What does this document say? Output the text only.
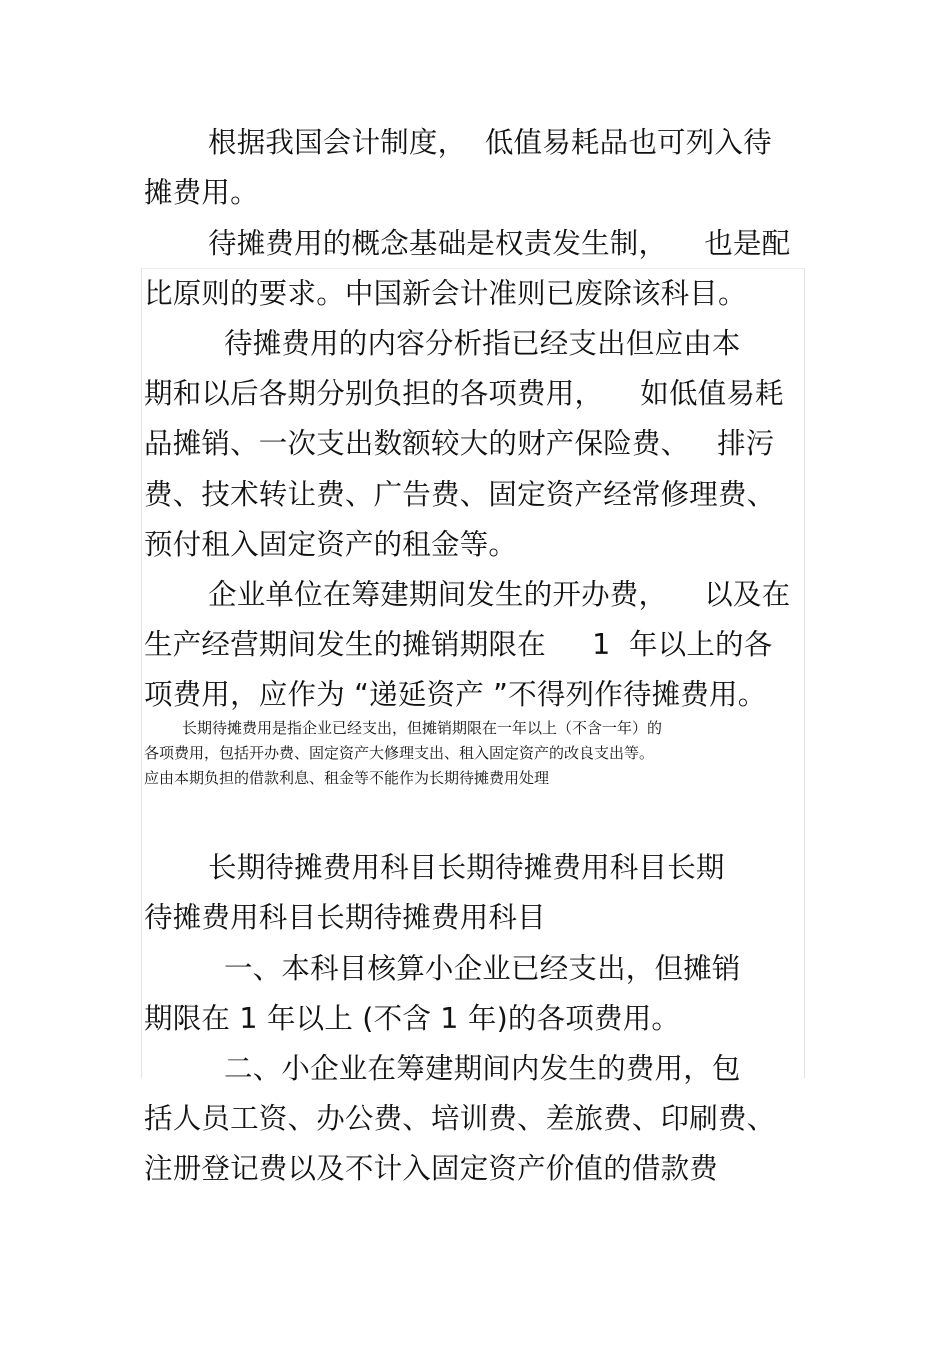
根据我国会计制度，  低值易耗品也可列入待
摊费用。
待摊费用的概念基础是权责发生制，    也是配
比原则的要求。中国新会计准则已废除该科目。
待摊费用的内容分析指已经支出但应由本
期和以后各期分别负担的各项费用，    如低值易耗
品摊销、一次支出数额较大的财产保险费、   排污
费、技术转让费、广告费、固定资产经常修理费、
预付租入固定资产的租金等。
企业单位在筹建期间发生的开办费，    以及在
生产经营期间发生的摊销期限在     1  年以上的各
项费用，应作为 “递延资产 ”不得列作待摊费用。
长期待摊费用是指企业已经支出，但摊销期限在一年以上（不含一年）的
各项费用，包括开办费、固定资产大修理支出、租入固定资产的改良支出等。
应由本期负担的借款利息、租金等不能作为长期待摊费用处理
长期待摊费用科目长期待摊费用科目长期
待摊费用科目长期待摊费用科目
一、本科目核算小企业已经支出，但摊销
期限在 1 年以上 (不含 1 年)的各项费用。
二、小企业在筹建期间内发生的费用，包
括人员工资、办公费、培训费、差旅费、印刷费、
注册登记费以及不计入固定资产价值的借款费
